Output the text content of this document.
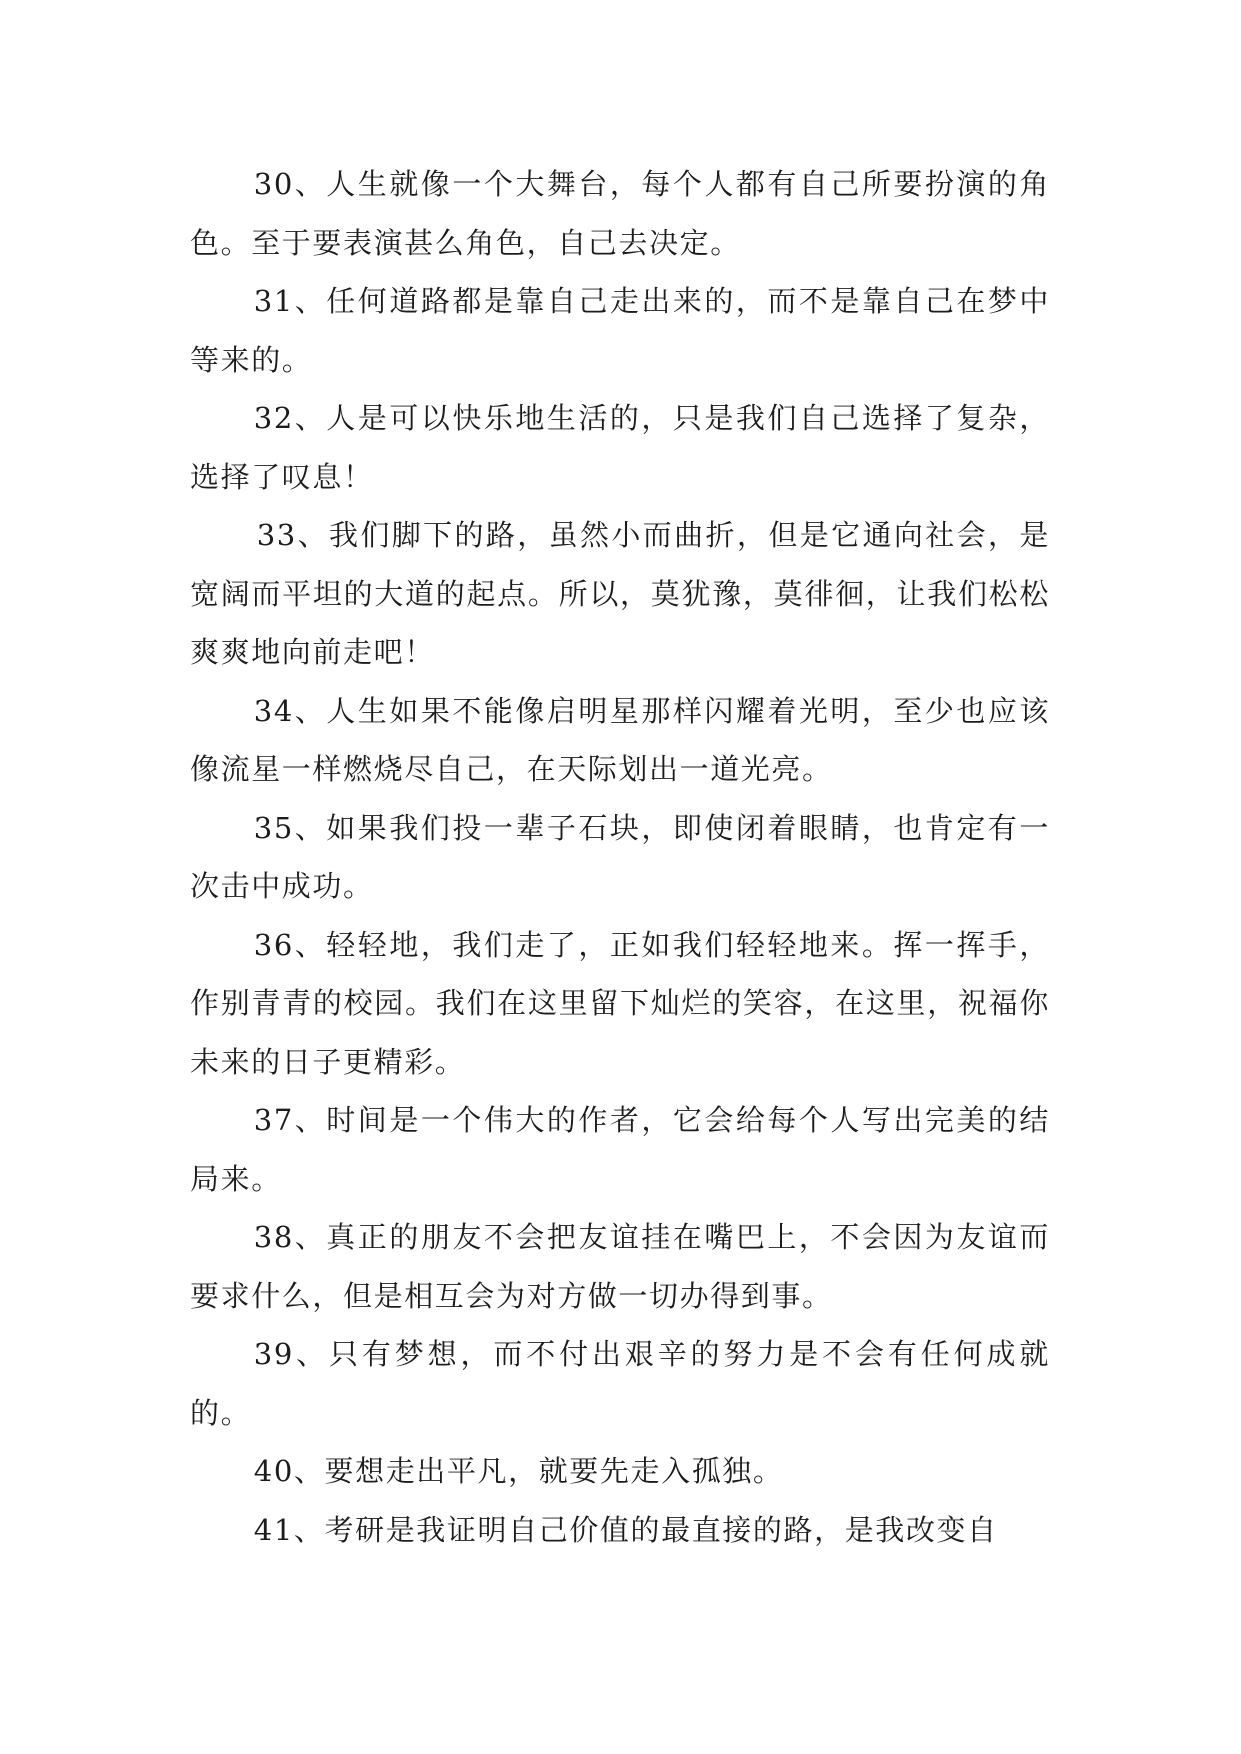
30、人生就像一个大舞台，每个人都有自己所要扮演的角色。至于要表演甚么角色，自己去决定。

31、任何道路都是靠自己走出来的，而不是靠自己在梦中等来的。

32、人是可以快乐地生活的，只是我们自己选择了复杂，选择了叹息！

33、我们脚下的路，虽然小而曲折，但是它通向社会，是宽阔而平坦的大道的起点。所以，莫犹豫，莫徘徊，让我们松松爽爽地向前走吧！

34、人生如果不能像启明星那样闪耀着光明，至少也应该像流星一样燃烧尽自己，在天际划出一道光亮。

35、如果我们投一辈子石块，即使闭着眼睛，也肯定有一次击中成功。

36、轻轻地，我们走了，正如我们轻轻地来。挥一挥手，作别青青的校园。我们在这里留下灿烂的笑容，在这里，祝福你未来的日子更精彩。

37、时间是一个伟大的作者，它会给每个人写出完美的结局来。

38、真正的朋友不会把友谊挂在嘴巴上，不会因为友谊而要求什么，但是相互会为对方做一切办得到事。

39、只有梦想，而不付出艰辛的努力是不会有任何成就的。

40、要想走出平凡，就要先走入孤独。

41、考研是我证明自己价值的最直接的路，是我改变自
